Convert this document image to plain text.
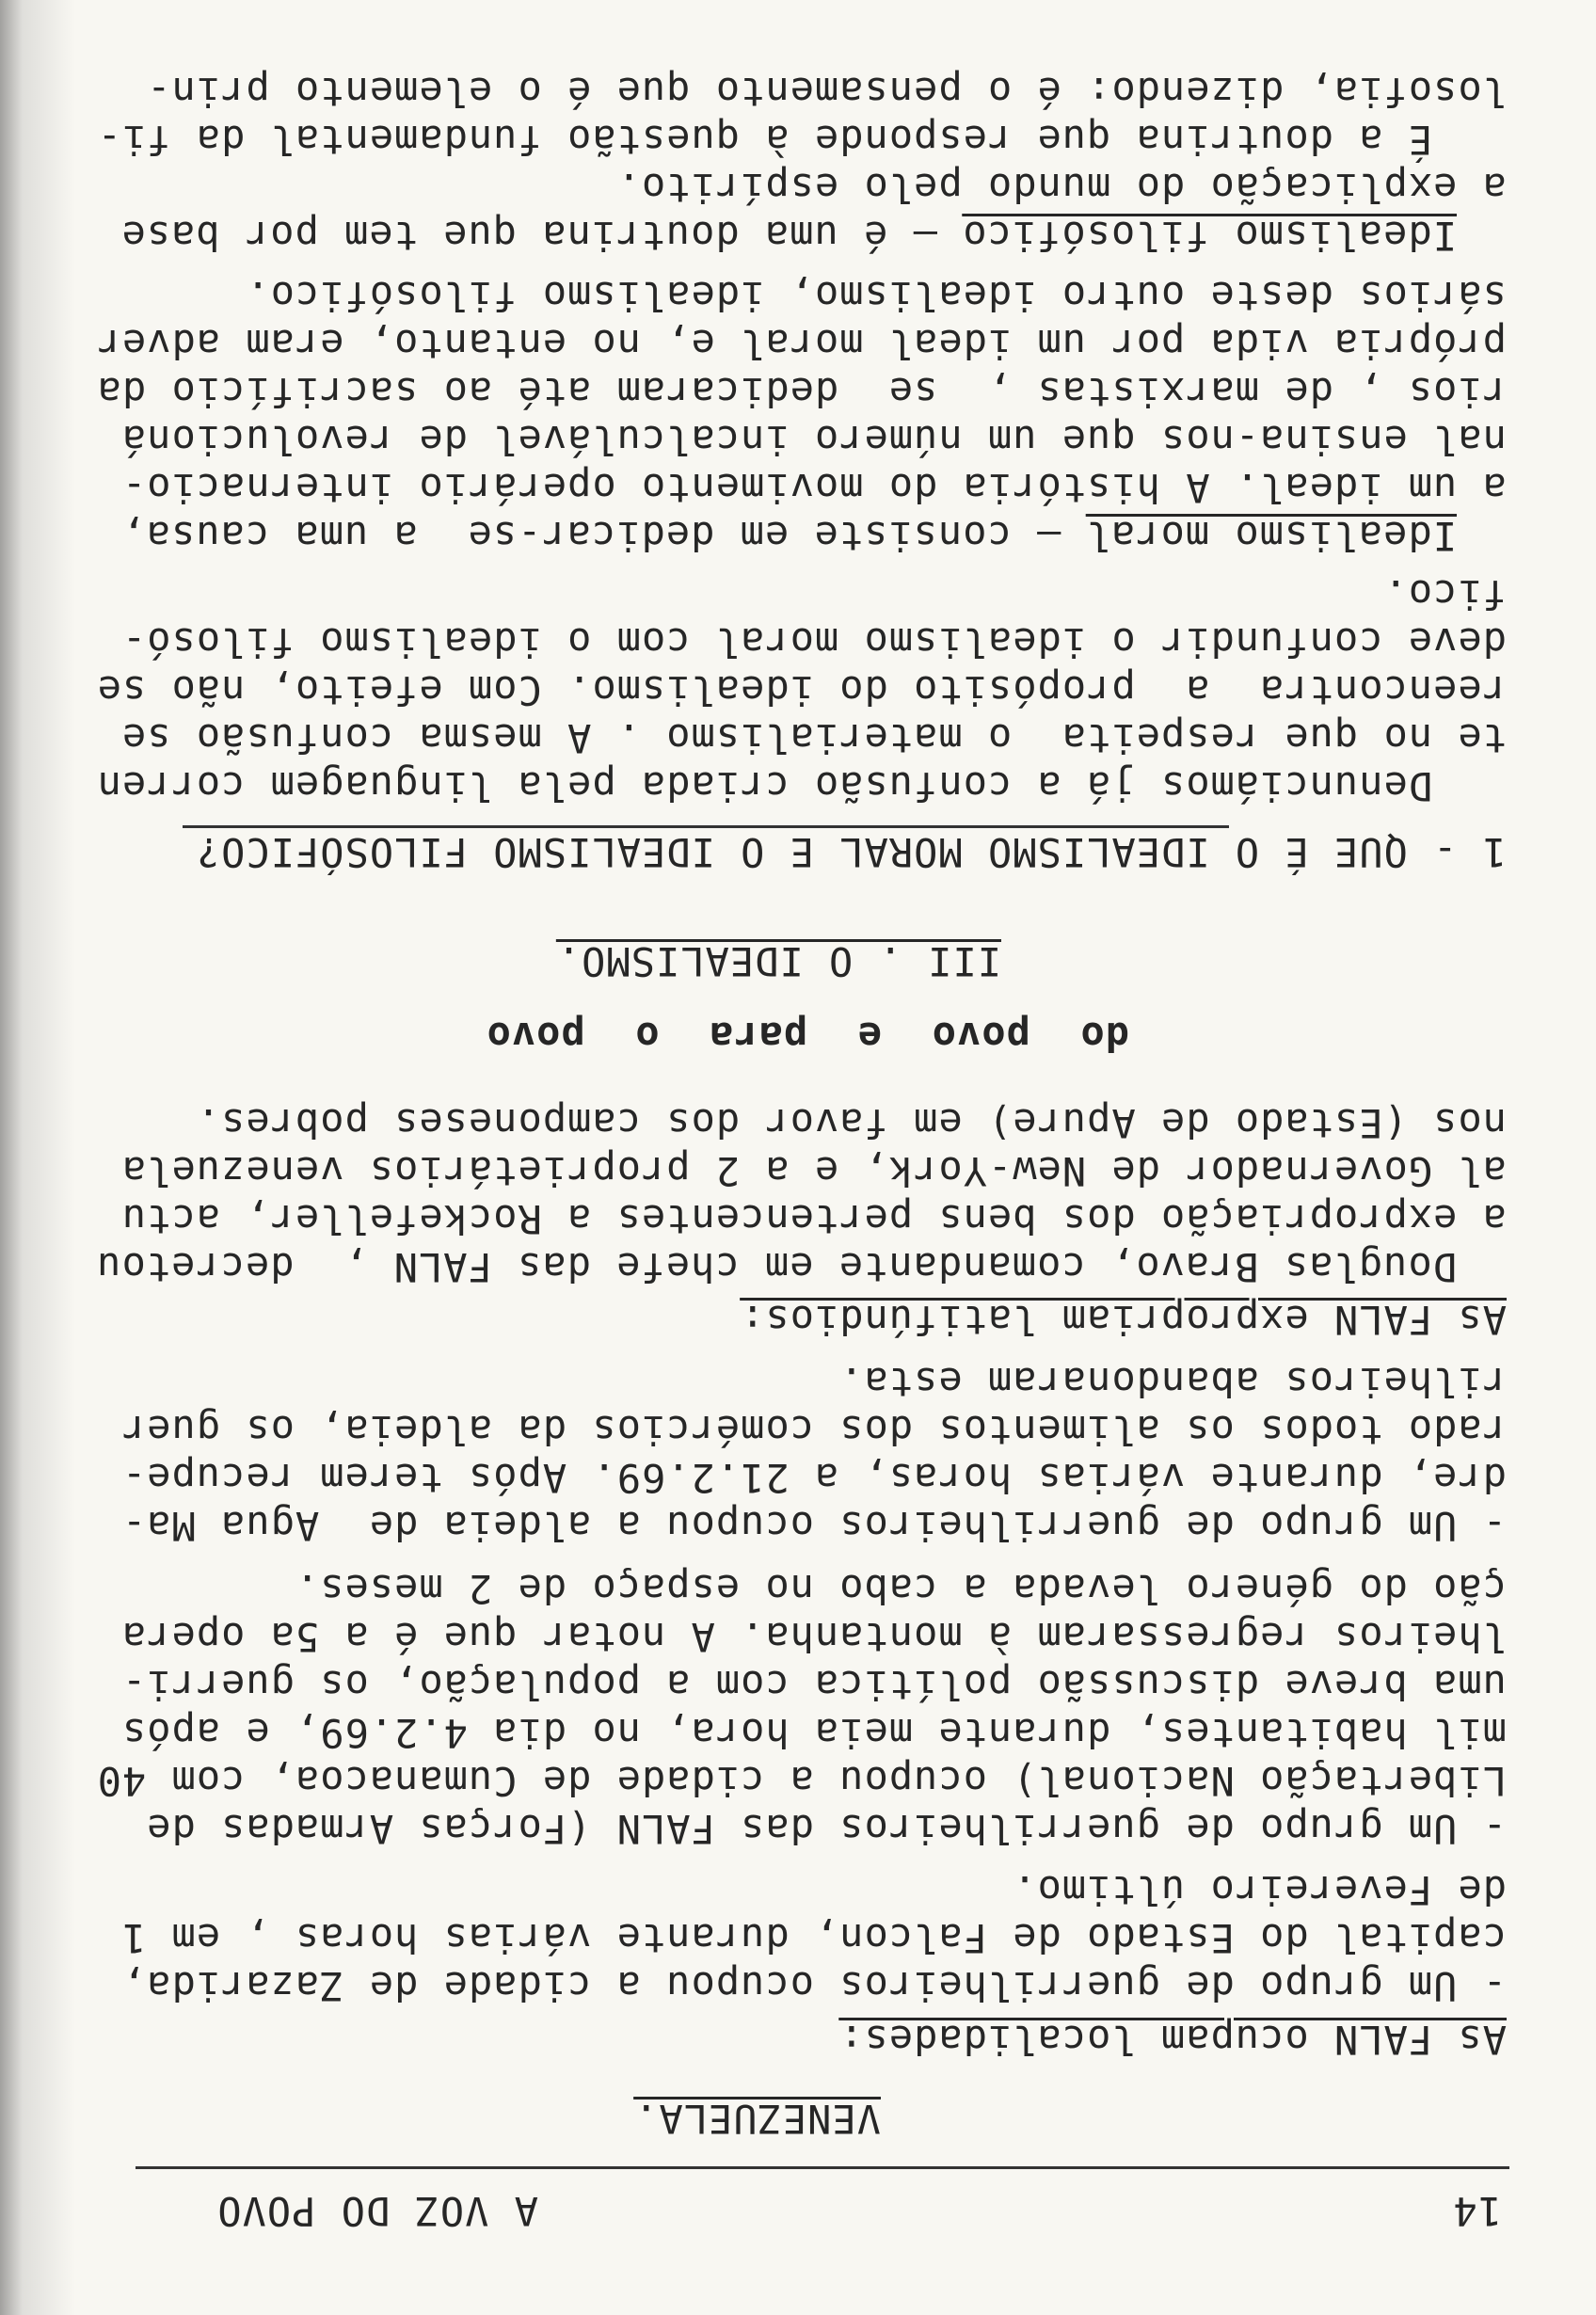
14
A VOZ DO POVO
VENEZUELA.
As FALN ocupam localidades:
- Um grupo de guerrilheiros ocupou a cidade de Zazarida,
capital do Estado de Falcon, durante várias horas , em 1
de Fevereiro último.
- Um grupo de guerrilheiros das FALN (Forças Armadas de
Libertação Nacional) ocupou a cidade de Cumanacoa, com 40
mil habitantes, durante meia hora, no dia 4.2.69, e após
uma breve discussão política com a população, os guerri-
lheiros regressaram à montanha. A notar que é a 5a opera
ção do género levada a cabo no espaço de 2 meses.
- Um grupo de guerrilheiros ocupou a aldeia de  Agua Ma-
dre, durante várias horas, a 21.2.69. Após terem recupe-
rado todos os alimentos dos comércios da aldeia, os guer
rilheiros abandonaram esta.
As FALN expropriam latifúndios:
Douglas Bravo, comandante em chefe das FALN ,  decretou
a expropriação dos bens pertencentes a Rockefeller, actu
al Governador de New-York, e a 2 proprietários venezuela
nos (Estado de Apure) em favor dos camponeses pobres.
do  povo  e  para  o  povo
III . O IDEALISMO.
1 - QUE É O IDEALISMO MORAL E O IDEALISMO FILOSÓFICO?
Denunciámos já a confusão criada pela linguagem corren
te no que respeita  o materialismo . A mesma confusão se
reencontra  a  propósito do idealismo. Com efeito, não se
deve confundir o idealismo moral com o idealismo filosó-
fico.
Idealismo moral — consiste em dedicar-se  a uma causa,
a um ideal. A história do movimento operário internacio-
nal ensina-nos que um número incalculável de revolucioná
rios , de marxistas ,  se  dedicaram até ao sacrifício da
própria vida por um ideal moral e, no entanto, eram adver
sários deste outro idealismo, idealismo filosófico.
Idealismo filosófico — é uma doutrina que tem por base
a explicação do mundo pelo espírito.
É a doutrina que responde à questão fundamental da fi-
losofia, dizendo: é o pensamento que é o elemento prin-
